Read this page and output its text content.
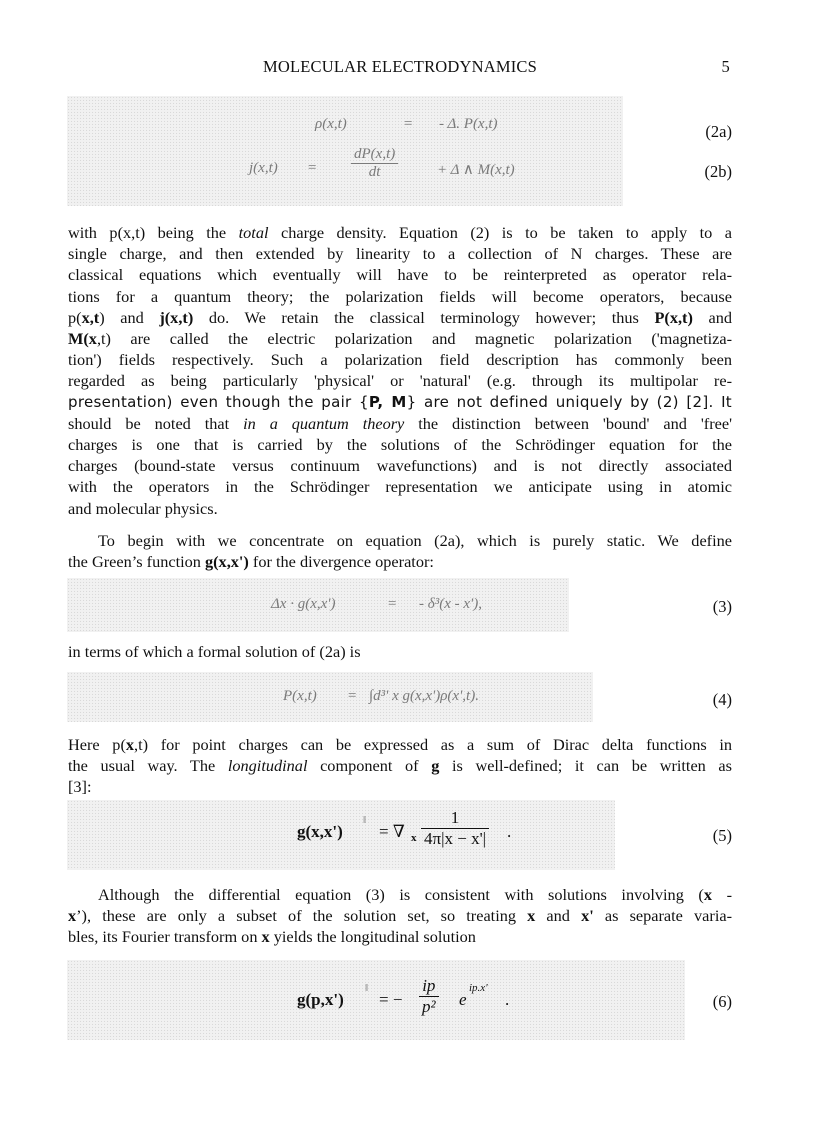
MOLECULAR ELECTRODYNAMICS	5
ρ(x,t)	= - Δ. P(x,t)
$j(x,t) = \frac{dP(x,t)}{dt}$	+ Δ ∧ M(x,t)
(2a)
(2b)
with p(x,t) being the total charge density. Equation (2) is to be taken to apply to a
single charge, and then extended by linearity to a collection of N charges. These are
classical equations which eventually will have to be reinterpreted as operator rela-
tions for a quantum theory; the polarization fields will become operators, because
p(x,t) and j(x,t) do. We retain the classical terminology however; thus P(x,t) and
M(x,t) are called the electric polarization and magnetic polarization ('magnetiza-
tion') fields respectively. Such a polarization field description has commonly been
regarded as being particularly 'physical' or 'natural' (e.g. through its multipolar re-
presentation) even though the pair {P, M} are not defined uniquely by (2) [2]. It
should be noted that in a quantum theory the distinction between 'bound' and 'free'
charges is one that is carried by the solutions of the Schrödinger equation for the
charges (bound-state versus continuum wavefunctions) and is not directly associated
with the operators in the Schrödinger representation we anticipate using in atomic
and molecular physics.
To begin with we concentrate on equation (2a), which is purely static. We define
the Green’s function g(x,x') for the divergence operator:
Δx · g(x,x')	= - δ³(x - x'),	(3)
in terms of which a formal solution of (2a) is
P(x,t) = ∫d³' x g(x,x')ρ(x',t).	(4)
Here p(x,t) for point charges can be expressed as a sum of Dirac delta functions in
the usual way. The longitudinal component of g is well-defined; it can be written as
[3]:
g(x,x')
‖
= ∇ x $\frac{1}{4\pi|x - x'|}$ .	(5)
Although the differential equation (3) is consistent with solutions involving (x -
x’), these are only a subset of the solution set, so treating x and x' as separate varia-
bles, its Fourier transform on x yields the longitudinal solution
g(p,x')
‖
= − $\frac{ip}{\text{p²}}$ e
ip.x'
.	(6)
